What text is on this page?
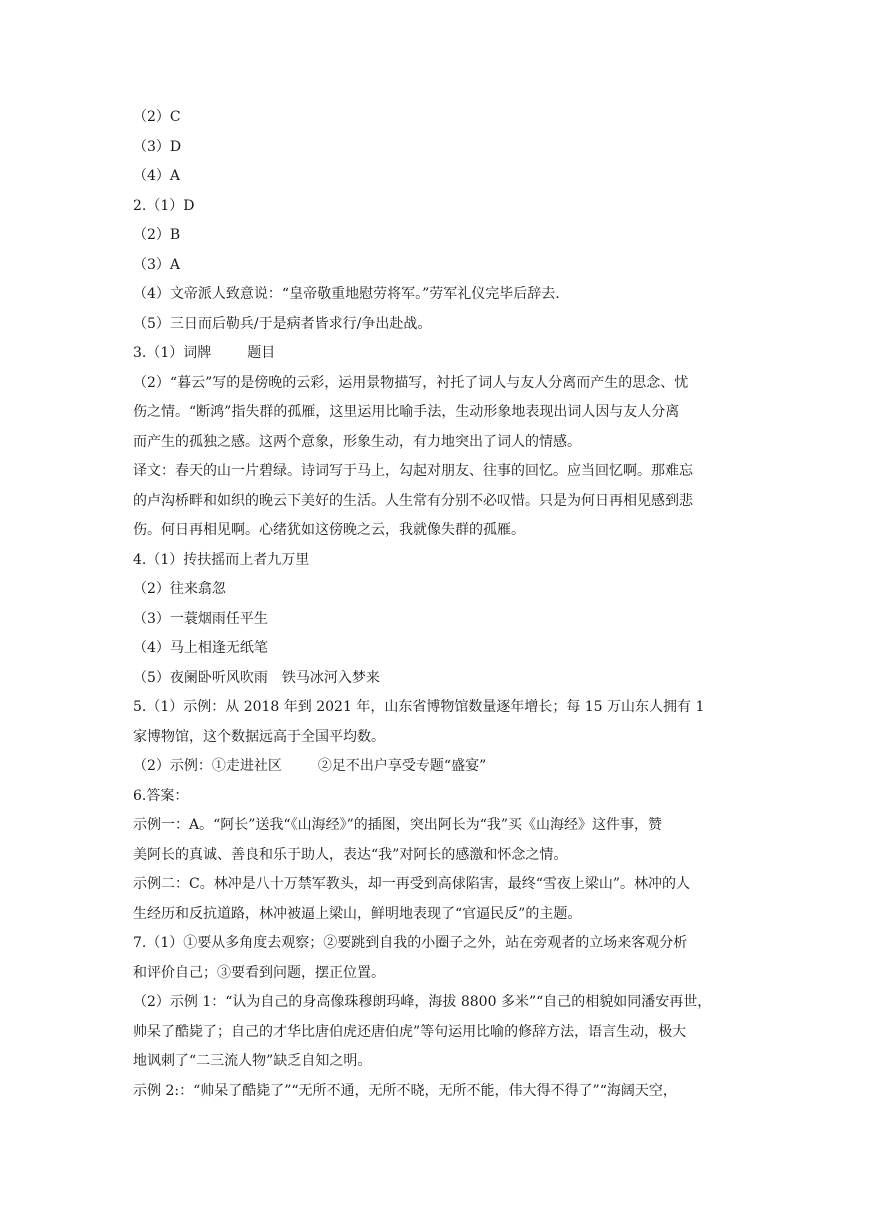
（2）C
（3）D
（4）A
2.（1）D
（2）B
（3）A
（4）文帝派人致意说：“皇帝敬重地慰劳将军。”劳军礼仪完毕后辞去.
（5）三日而后勒兵/于是病者皆求行/争出赴战。
3.（1）词牌	题目
（2）“暮云”写的是傍晚的云彩，运用景物描写，衬托了词人与友人分离而产生的思念、忧
伤之情。“断鸿”指失群的孤雁，这里运用比喻手法，生动形象地表现出词人因与友人分离
而产生的孤独之感。这两个意象，形象生动，有力地突出了词人的情感。
译文：春天的山一片碧绿。诗词写于马上，勾起对朋友、往事的回忆。应当回忆啊。那难忘
的卢沟桥畔和如织的晚云下美好的生活。人生常有分别不必叹惜。只是为何日再相见感到悲
伤。何日再相见啊。心绪犹如这傍晚之云，我就像失群的孤雁。
4.（1）抟扶摇而上者九万里
（2）往来翕忽
（3）一蓑烟雨任平生
（4）马上相逢无纸笔
（5）夜阑卧听风吹雨 铁马冰河入梦来
5.（1）示例：从 2018 年到 2021 年，山东省博物馆数量逐年增长；每 15 万山东人拥有 1
家博物馆，这个数据远高于全国平均数。
（2）示例：①走进社区	②足不出户享受专题“盛宴”
6.答案：
示例一：A。“阿长”送我“《山海经》”的插图，突出阿长为“我”买《山海经》这件事，赞
美阿长的真诚、善良和乐于助人，表达“我”对阿长的感激和怀念之情。
示例二：C。林冲是八十万禁军教头，却一再受到高俅陷害，最终“雪夜上梁山”。林冲的人
生经历和反抗道路，林冲被逼上梁山，鲜明地表现了“官逼民反”的主题。
7.（1）①要从多角度去观察；②要跳到自我的小圈子之外，站在旁观者的立场来客观分析
和评价自己；③要看到问题，摆正位置。
（2）示例 1：“认为自己的身高像珠穆朗玛峰，海拔 8800 多米”“自己的相貌如同潘安再世，
帅呆了酷毙了；自己的才华比唐伯虎还唐伯虎”等句运用比喻的修辞方法，语言生动，极大
地讽刺了“二三流人物”缺乏自知之明。
示例 2:：“帅呆了酷毙了”“无所不通，无所不晓，无所不能，伟大得不得了”“海阔天空，
